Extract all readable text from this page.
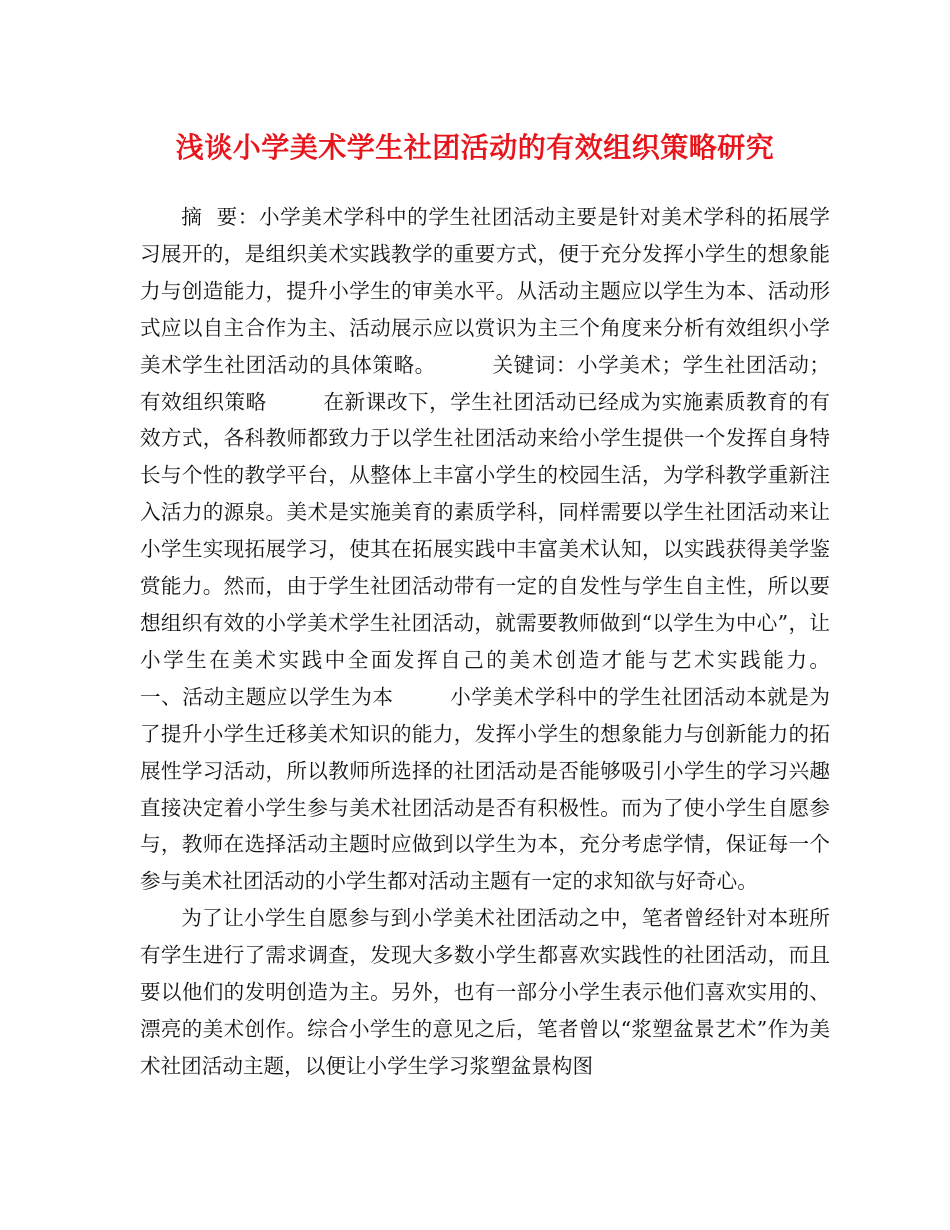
浅谈小学美术学生社团活动的有效组织策略研究

摘  要：小学美术学科中的学生社团活动主要是针对美术学科的拓展学习展开的，是组织美术实践教学的重要方式，便于充分发挥小学生的想象能力与创造能力，提升小学生的审美水平。从活动主题应以学生为本、活动形式应以自主合作为主、活动展示应以赏识为主三个角度来分析有效组织小学美术学生社团活动的具体策略。        关键词：小学美术；学生社团活动；有效组织策略        在新课改下，学生社团活动已经成为实施素质教育的有效方式，各科教师都致力于以学生社团活动来给小学生提供一个发挥自身特长与个性的教学平台，从整体上丰富小学生的校园生活，为学科教学重新注入活力的源泉。美术是实施美育的素质学科，同样需要以学生社团活动来让小学生实现拓展学习，使其在拓展实践中丰富美术认知，以实践获得美学鉴赏能力。然而，由于学生社团活动带有一定的自发性与学生自主性，所以要想组织有效的小学美术学生社团活动，就需要教师做到“以学生为中心”，让小学生在美术实践中全面发挥自己的美术创造才能与艺术实践能力。        一、活动主题应以学生为本        小学美术学科中的学生社团活动本就是为了提升小学生迁移美术知识的能力，发挥小学生的想象能力与创新能力的拓展性学习活动，所以教师所选择的社团活动是否能够吸引小学生的学习兴趣直接决定着小学生参与美术社团活动是否有积极性。而为了使小学生自愿参与，教师在选择活动主题时应做到以学生为本，充分考虑学情，保证每一个参与美术社团活动的小学生都对活动主题有一定的求知欲与好奇心。

为了让小学生自愿参与到小学美术社团活动之中，笔者曾经针对本班所有学生进行了需求调查，发现大多数小学生都喜欢实践性的社团活动，而且要以他们的发明创造为主。另外，也有一部分小学生表示他们喜欢实用的、漂亮的美术创作。综合小学生的意见之后，笔者曾以“浆塑盆景艺术”作为美术社团活动主题，以便让小学生学习浆塑盆景构图
